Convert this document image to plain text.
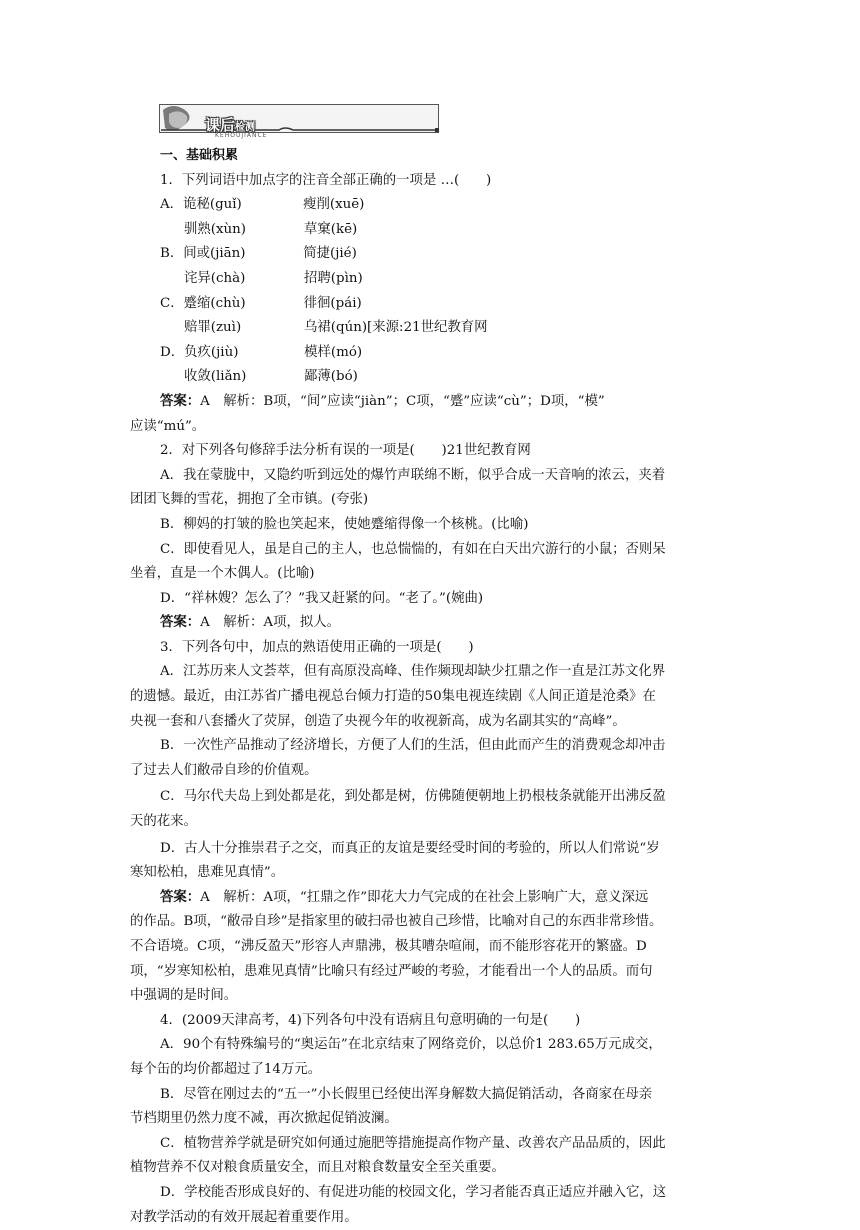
课后检测
KEHOUJIANCE
一、基础积累
1．下列词语中加点字的注音全部正确的一项是 …(　　)
A．诡秘(guǐ)	瘦削(xuē)
驯熟(xùn)	草窠(kē)
B．间或(jiān)	简捷(jié)
诧异(chà)	招聘(pìn)
C．蹙缩(chù)	徘徊(pái)
赔罪(zuì)	乌裙(qún)[来源:21世纪教育网
D．负疚(jiù)	模样(mó)
收敛(liǎn)	鄙薄(bó)
答案：A　解析：B项，“间”应读“jiàn”；C项，“蹙”应读“cù”；D项，“模”
应读“mú”。
2．对下列各句修辞手法分析有误的一项是(　　)21世纪教育网
A．我在蒙胧中，又隐约听到远处的爆竹声联绵不断，似乎合成一天音响的浓云，夹着
团团飞舞的雪花，拥抱了全市镇。(夸张)
B．柳妈的打皱的脸也笑起来，使她蹙缩得像一个核桃。(比喻)
C．即使看见人，虽是自己的主人，也总惴惴的，有如在白天出穴游行的小鼠；否则呆
坐着，直是一个木偶人。(比喻)
D．“祥林嫂？怎么了？”我又赶紧的问。“老了。”(婉曲)
答案：A　解析：A项，拟人。
3．下列各句中，加点的熟语使用正确的一项是(　　)
A．江苏历来人文荟萃，但有高原没高峰、佳作频现却缺少扛鼎之作一直是江苏文化界
的遗憾。最近，由江苏省广播电视总台倾力打造的50集电视连续剧《人间正道是沧桑》在
央视一套和八套播火了荧屏，创造了央视今年的收视新高，成为名副其实的“高峰”。
B．一次性产品推动了经济增长，方便了人们的生活，但由此而产生的消费观念却冲击
了过去人们敝帚自珍的价值观。
C．马尔代夫岛上到处都是花，到处都是树，仿佛随便朝地上扔根枝条就能开出沸反盈
天的花来。
D．古人十分推崇君子之交，而真正的友谊是要经受时间的考验的，所以人们常说“岁
寒知松柏，患难见真情”。
答案：A　解析：A项，“扛鼎之作”即花大力气完成的在社会上影响广大，意义深远
的作品。B项，“敝帚自珍”是指家里的破扫帚也被自己珍惜，比喻对自己的东西非常珍惜。
不合语境。C项，“沸反盈天”形容人声鼎沸，极其嘈杂喧闹，而不能形容花开的繁盛。D
项，“岁寒知松柏，患难见真情”比喻只有经过严峻的考验，才能看出一个人的品质。而句
中强调的是时间。
4．(2009天津高考，4)下列各句中没有语病且句意明确的一句是(　　)
A．90个有特殊编号的“奥运缶”在北京结束了网络竞价，以总价1 283.65万元成交，
每个缶的均价都超过了14万元。
B．尽管在刚过去的“五一”小长假里已经使出浑身解数大搞促销活动，各商家在母亲
节档期里仍然力度不减，再次掀起促销波澜。
C．植物营养学就是研究如何通过施肥等措施提高作物产量、改善农产品品质的，因此
植物营养不仅对粮食质量安全，而且对粮食数量安全至关重要。
D．学校能否形成良好的、有促进功能的校园文化，学习者能否真正适应并融入它，这
对教学活动的有效开展起着重要作用。
